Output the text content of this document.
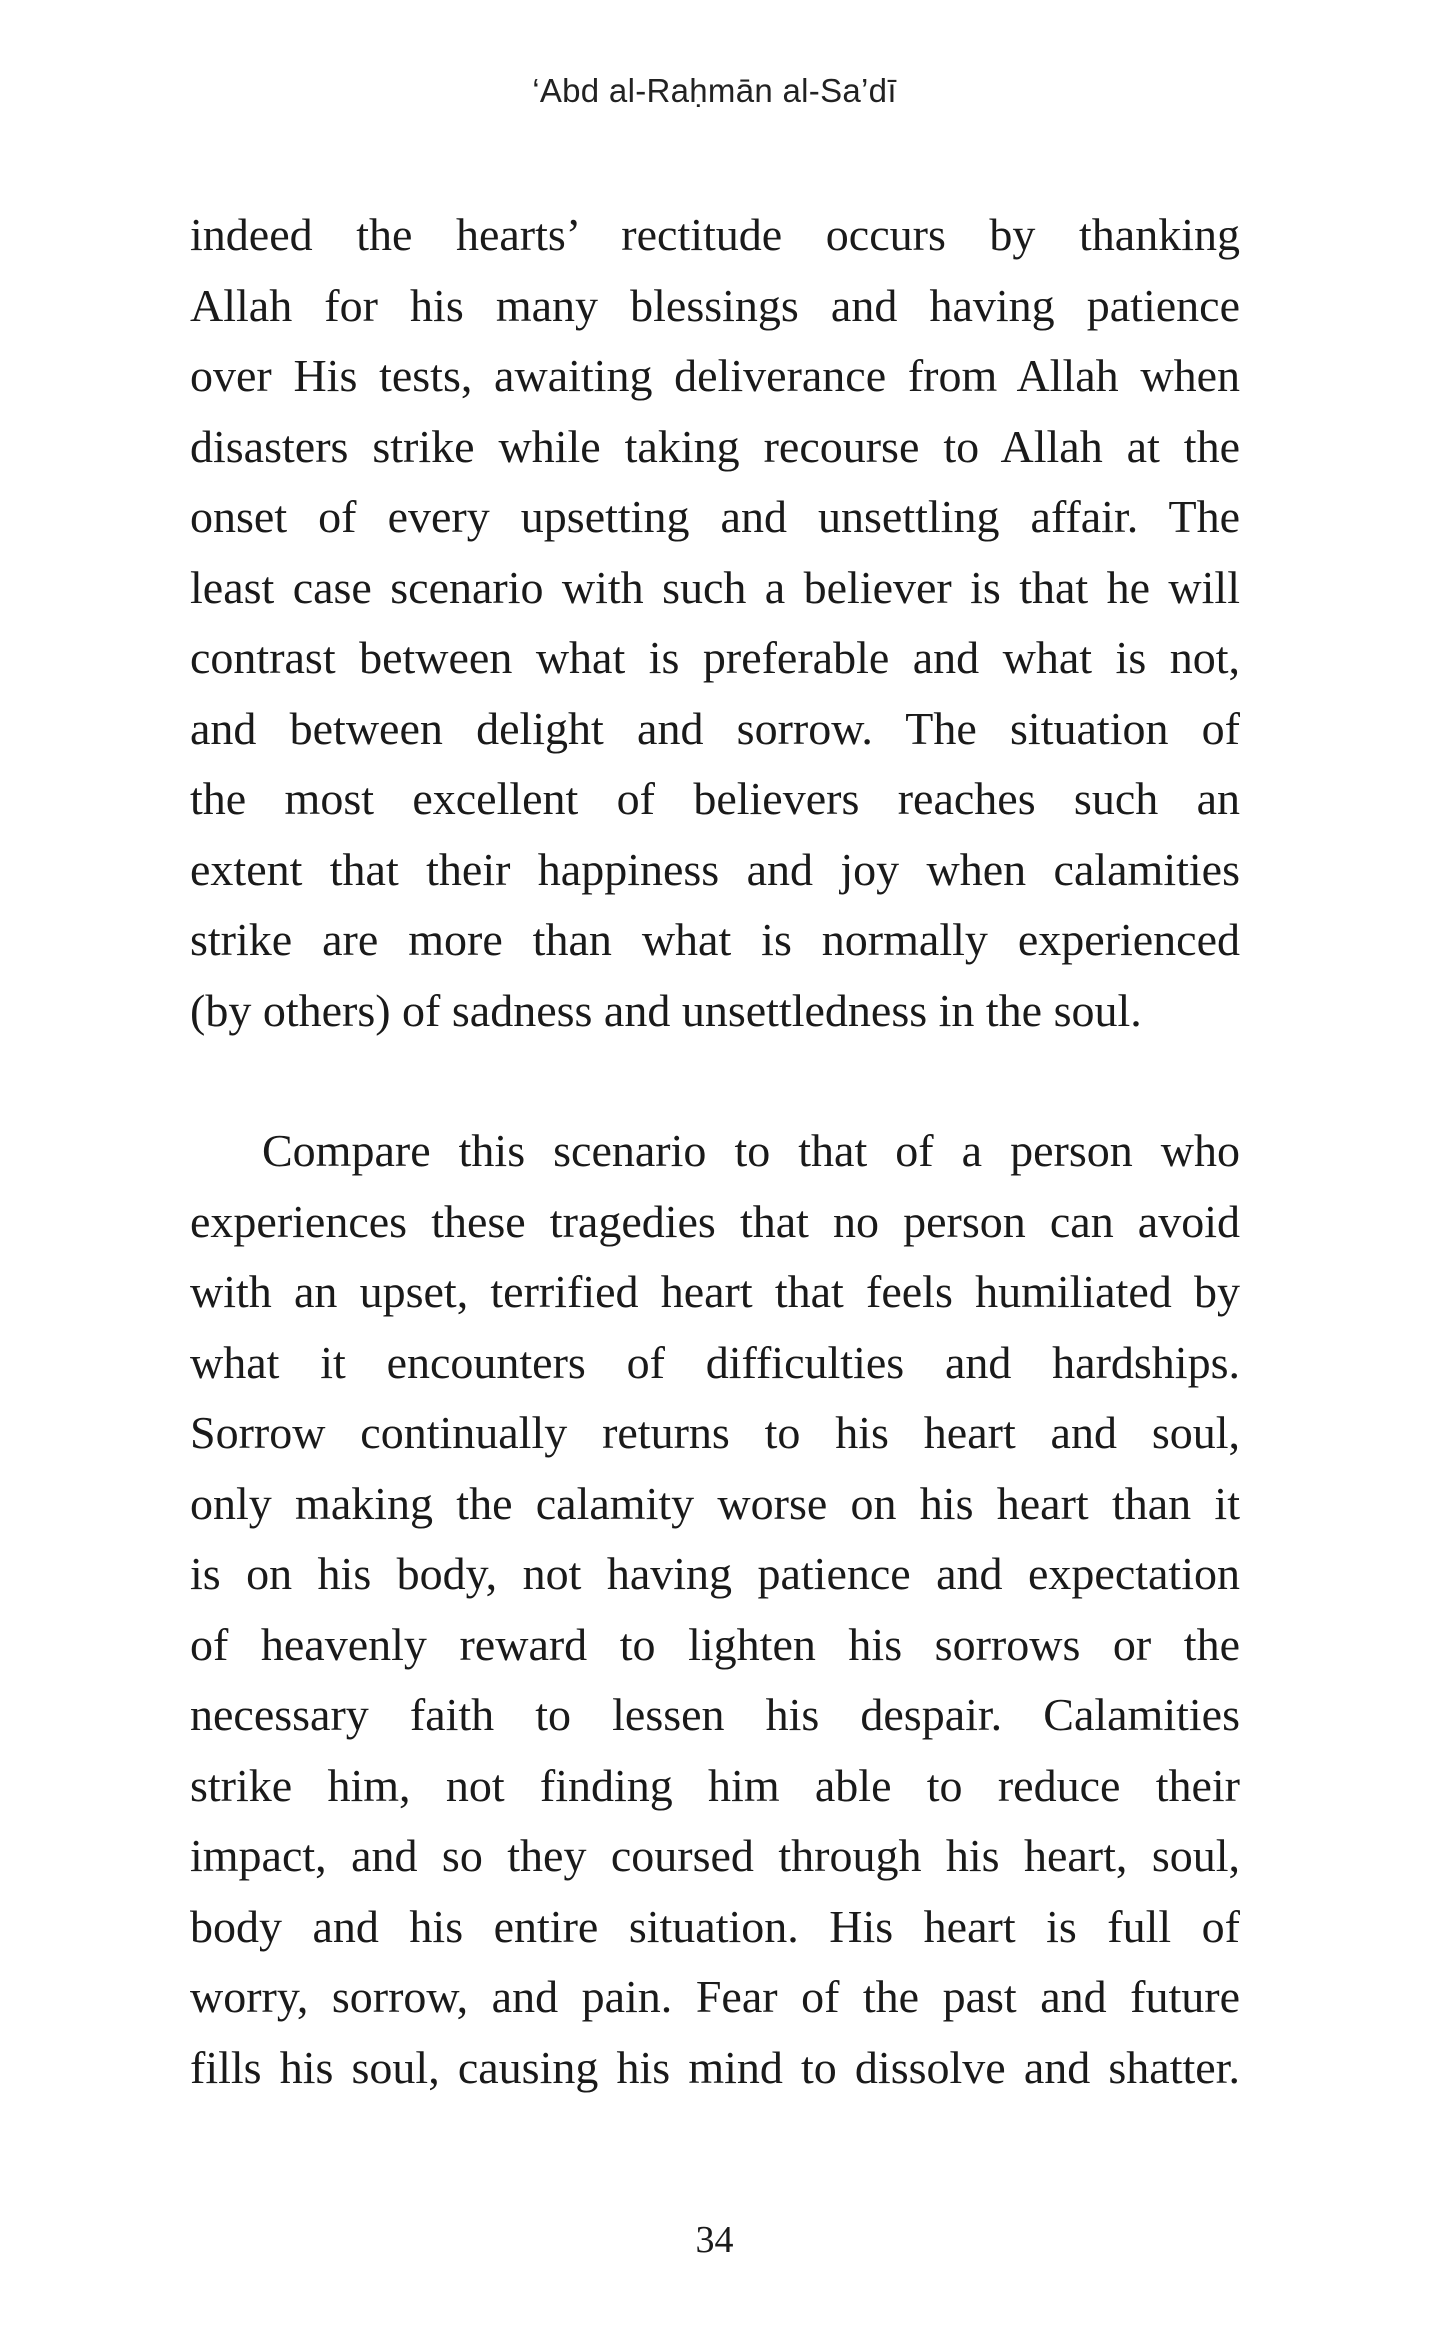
‘Abd al-Raḥmān al-Sa’dī
indeed the hearts’ rectitude occurs by thanking
Allah for his many blessings and having patience
over His tests, awaiting deliverance from Allah when
disasters strike while taking recourse to Allah at the
onset of every upsetting and unsettling affair. The
least case scenario with such a believer is that he will
contrast between what is preferable and what is not,
and between delight and sorrow. The situation of
the most excellent of believers reaches such an
extent that their happiness and joy when calamities
strike are more than what is normally experienced
(by others) of sadness and unsettledness in the soul.
Compare this scenario to that of a person who
experiences these tragedies that no person can avoid
with an upset, terrified heart that feels humiliated by
what it encounters of difficulties and hardships.
Sorrow continually returns to his heart and soul,
only making the calamity worse on his heart than it
is on his body, not having patience and expectation
of heavenly reward to lighten his sorrows or the
necessary faith to lessen his despair. Calamities
strike him, not finding him able to reduce their
impact, and so they coursed through his heart, soul,
body and his entire situation. His heart is full of
worry, sorrow, and pain. Fear of the past and future
fills his soul, causing his mind to dissolve and shatter.
34
